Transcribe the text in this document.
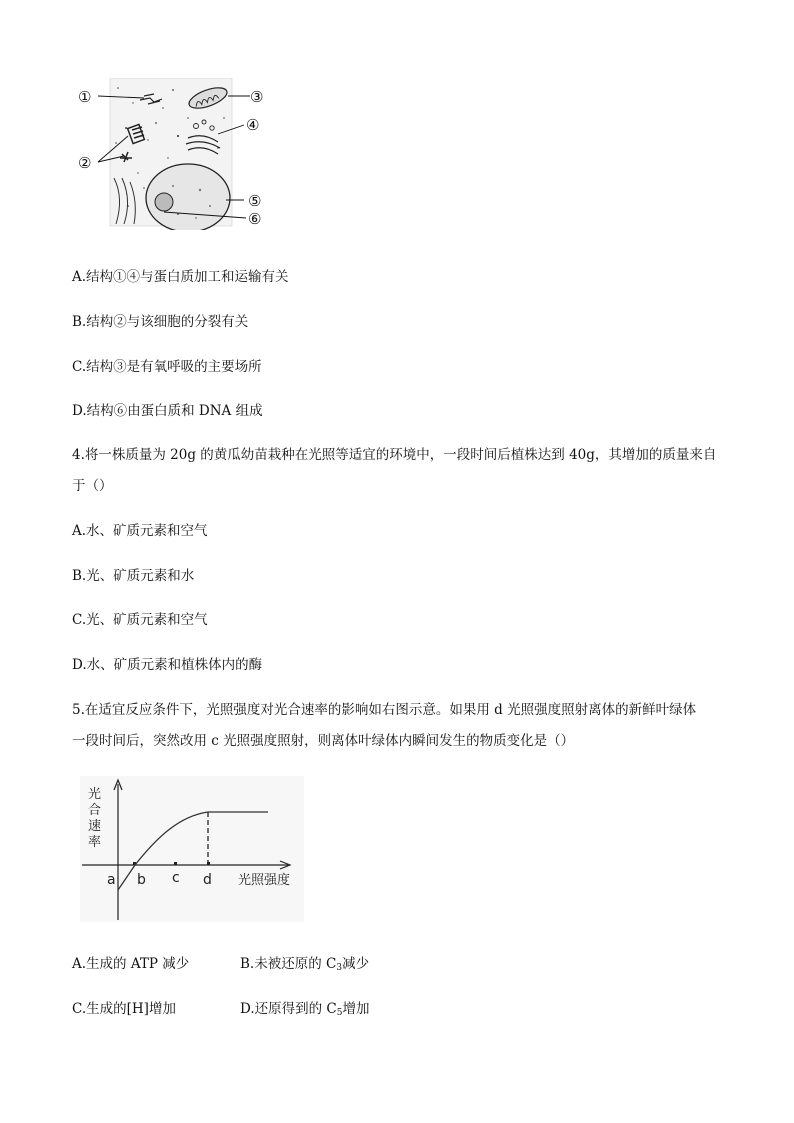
①
②
③
④
⑤
⑥
A.结构①④与蛋白质加工和运输有关
B.结构②与该细胞的分裂有关
C.结构③是有氧呼吸的主要场所
D.结构⑥由蛋白质和 DNA 组成
4.将一株质量为 20g 的黄瓜幼苗栽种在光照等适宜的环境中，一段时间后植株达到 40g，其增加的质量来自
于（）
A.水、矿质元素和空气
B.光、矿质元素和水
C.光、矿质元素和空气
D.水、矿质元素和植株体内的酶
5.在适宜反应条件下，光照强度对光合速率的影响如右图示意。如果用 d 光照强度照射离体的新鲜叶绿体
一段时间后，突然改用 c 光照强度照射，则离体叶绿体内瞬间发生的物质变化是（）
光
合
速
率
a b c d 光照强度
A.生成的 ATP 减少	B.未被还原的 $C_3$减少
C.生成的[H]增加	D.还原得到的 $C_5$增加
